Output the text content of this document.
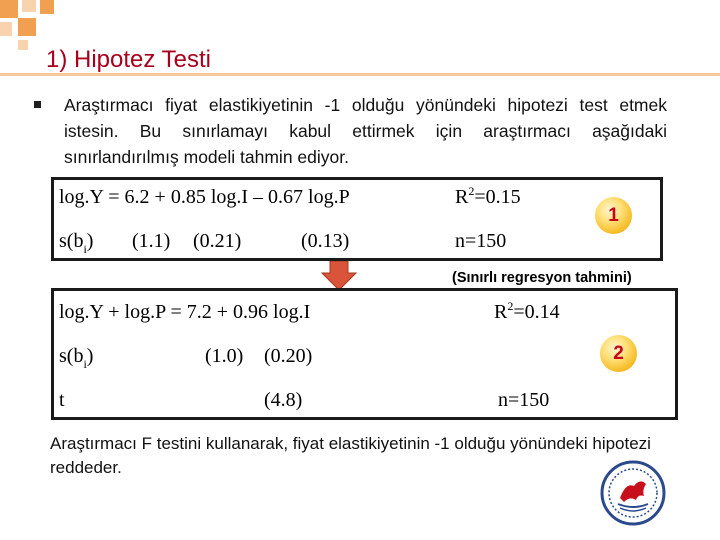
1) Hipotez Testi
Araştırmacı fiyat elastikiyetinin -1 olduğu yönündeki hipotezi test etmek istesin. Bu sınırlamayı kabul ettirmek için araştırmacı aşağıdaki sınırlandırılmış modeli tahmin ediyor.
log.Y = 6.2 + 0.85 log.I – 0.67 log.P	$R^2=0.15$
$s(b_i)$ (1.1) (0.21)	(0.13)	n=150
1
(Sınırlı regresyon tahmini)
log.Y + log.P = 7.2 + 0.96 log.I	$R^2=0.14$
$s(b_i)$	(1.0) (0.20)	2
t	(4.8)	n=150
Araştırmacı F testini kullanarak, fiyat elastikiyetinin -1 olduğu yönündeki hipotezi reddeder.
